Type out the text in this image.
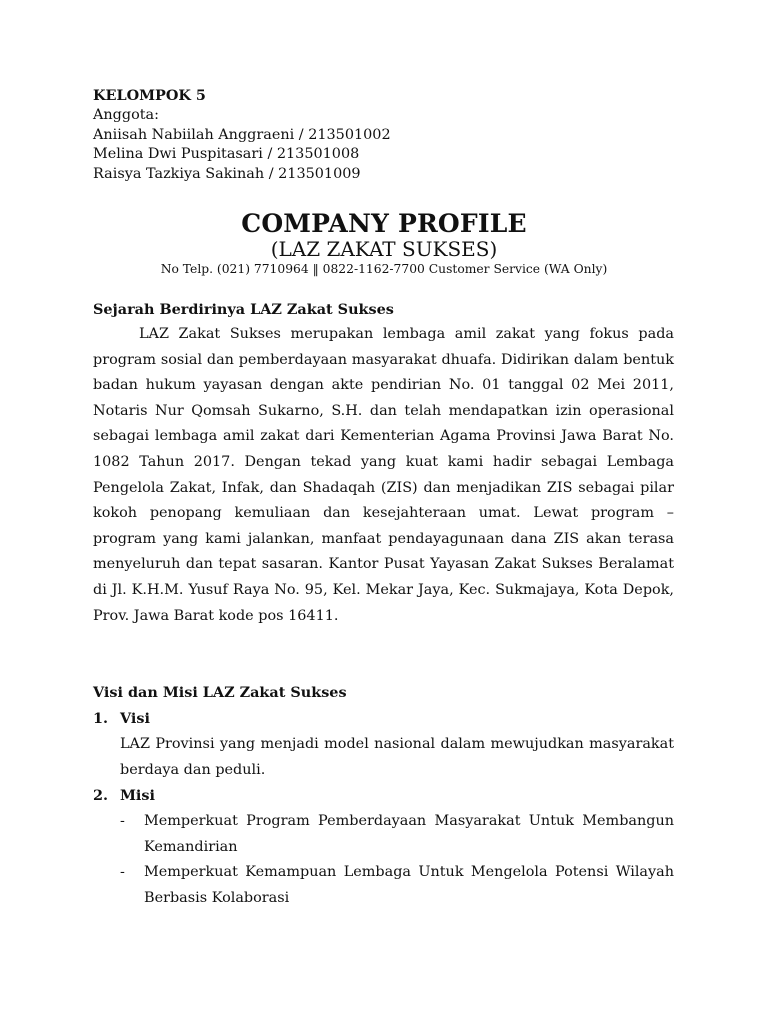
KELOMPOK 5
Anggota:
Aniisah Nabiilah Anggraeni / 213501002
Melina Dwi Puspitasari / 213501008
Raisya Tazkiya Sakinah / 213501009
COMPANY PROFILE
(LAZ ZAKAT SUKSES)
No Telp. (021) 7710964 ‖ 0822-1162-7700 Customer Service (WA Only)
Sejarah Berdirinya LAZ Zakat Sukses

LAZ Zakat Sukses merupakan lembaga amil zakat yang fokus pada program sosial dan pemberdayaan masyarakat dhuafa. Didirikan dalam bentuk badan hukum yayasan dengan akte pendirian No. 01 tanggal 02 Mei 2011, Notaris Nur Qomsah Sukarno, S.H. dan telah mendapatkan izin operasional sebagai lembaga amil zakat dari Kementerian Agama Provinsi Jawa Barat No. 1082 Tahun 2017. Dengan tekad yang kuat kami hadir sebagai Lembaga Pengelola Zakat, Infak, dan Shadaqah (ZIS) dan menjadikan ZIS sebagai pilar kokoh penopang kemuliaan dan kesejahteraan umat. Lewat program – program yang kami jalankan, manfaat pendayagunaan dana ZIS akan terasa menyeluruh dan tepat sasaran. Kantor Pusat Yayasan Zakat Sukses Beralamat di Jl. K.H.M. Yusuf Raya No. 95, Kel. Mekar Jaya, Kec. Sukmajaya, Kota Depok, Prov. Jawa Barat kode pos 16411.

Visi dan Misi LAZ Zakat Sukses
1. Visi

LAZ Provinsi yang menjadi model nasional dalam mewujudkan masyarakat berdaya dan peduli.

2. Misi
- Memperkuat Program Pemberdayaan Masyarakat Untuk Membangun Kemandirian
- Memperkuat Kemampuan Lembaga Untuk Mengelola Potensi Wilayah Berbasis Kolaborasi
